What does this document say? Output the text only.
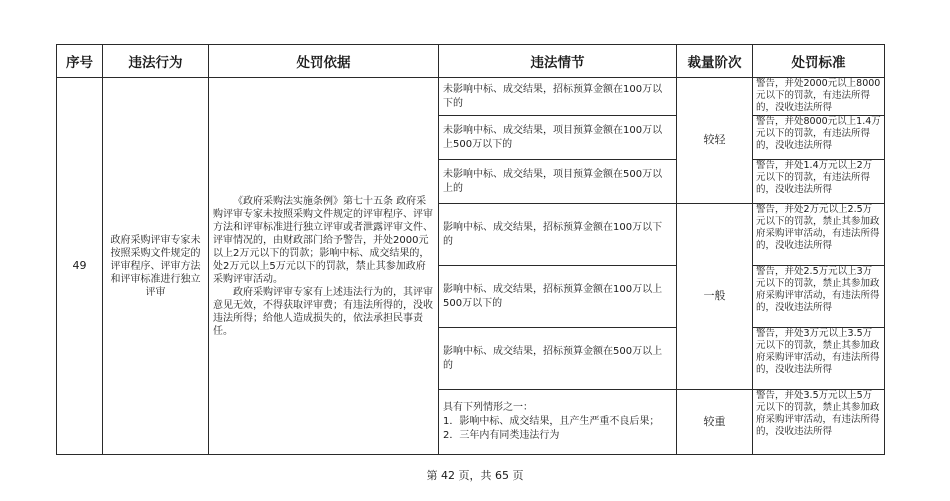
序号	违法行为	处罚依据	违法情节	裁量阶次	处罚标准
49	政府采购评审专家未按照采购文件规定的评审程序、评审方法和评审标准进行独立评审	《政府采购法实施条例》第七十五条 政府采购评审专家未按照采购文件规定的评审程序、评审方法和评审标准进行独立评审或者泄露评审文件、评审情况的，由财政部门给予警告，并处2000元以上2万元以下的罚款；影响中标、成交结果的，处2万元以上5万元以下的罚款，禁止其参加政府采购评审活动。

政府采购评审专家有上述违法行为的，其评审意见无效，不得获取评审费；有违法所得的，没收违法所得；给他人造成损失的，依法承担民事责任。	未影响中标、成交结果，招标预算金额在100万以下的	较轻	警告，并处2000元以上8000元以下的罚款，有违法所得的，没收违法所得

			未影响中标、成交结果，项目预算金额在100万以上500万以下的		警告，并处8000元以上1.4万元以下的罚款，有违法所得的，没收违法所得

			未影响中标、成交结果，项目预算金额在500万以上的		警告，并处1.4万元以上2万元以下的罚款，有违法所得的，没收违法所得

			影响中标、成交结果，招标预算金额在100万以下的	一般	警告，并处2万元以上2.5万元以下的罚款，禁止其参加政府采购评审活动，有违法所得的，没收违法所得

			影响中标、成交结果，招标预算金额在100万以上500万以下的		警告，并处2.5万元以上3万元以下的罚款，禁止其参加政府采购评审活动，有违法所得的，没收违法所得

			影响中标、成交结果，招标预算金额在500万以上的		警告，并处3万元以上3.5万元以下的罚款，禁止其参加政府采购评审活动，有违法所得的，没收违法所得

			具有下列情形之一：
1．影响中标、成交结果，且产生严重不良后果；
2．三年内有同类违法行为	较重	警告，并处3.5万元以上5万元以下的罚款，禁止其参加政府采购评审活动，有违法所得的，没收违法所得
第 42 页，共 65 页
